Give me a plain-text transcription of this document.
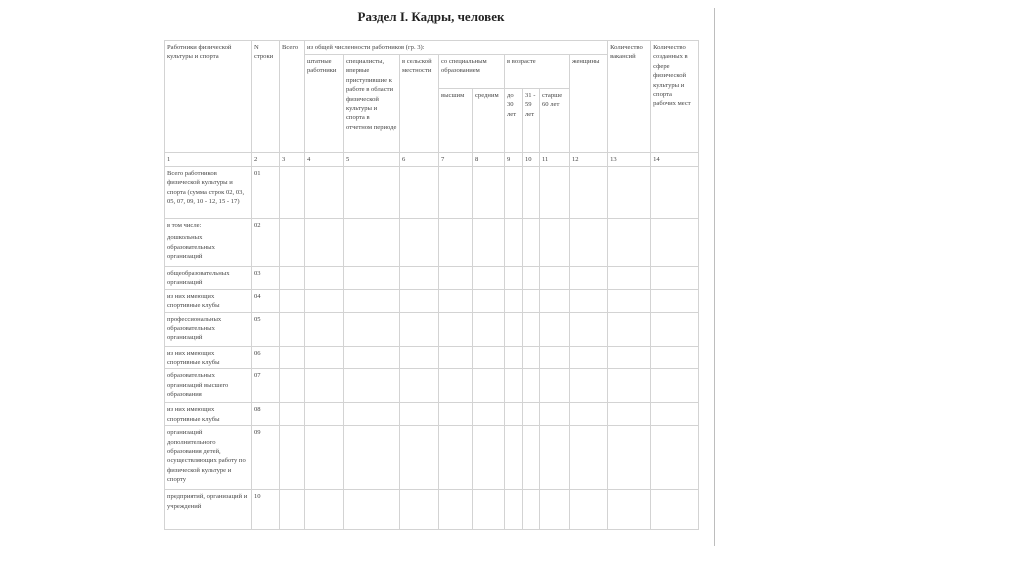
Раздел I. Кадры, человек
Работники физической культуры и спорта	N строки	Всего	из общей численности работников (гр. 3):									Количество вакансий	Количество созданных в сфере физической культуры и спорта рабочих мест
			штатные работники	специалисты, впервые приступившие к работе в области физической культуры и спорта в отчетном периоде	в сельской местности	со специальным образованием		в возрасте			женщины		
						высшим	средним	до 30 лет	31 - 59 лет	старше 60 лет			
1	2	3	4	5	6	7	8	9	10	11	12	13	14

Всего работников физической культуры и спорта (сумма строк 02, 03, 05, 07, 09, 10 - 12, 15 - 17)	01												

в том числе:
дошкольных образовательных организаций	02												

общеобразовательных организаций	03												

из них имеющих спортивные клубы	04												

профессиональных образовательных организаций	05												

из них имеющих спортивные клубы	06												

образовательных организаций высшего образования	07												

из них имеющих спортивные клубы	08												

организаций дополнительного образования детей, осуществляющих работу по физической культуре и спорту	09												

предприятий, организаций и учреждений	10												
